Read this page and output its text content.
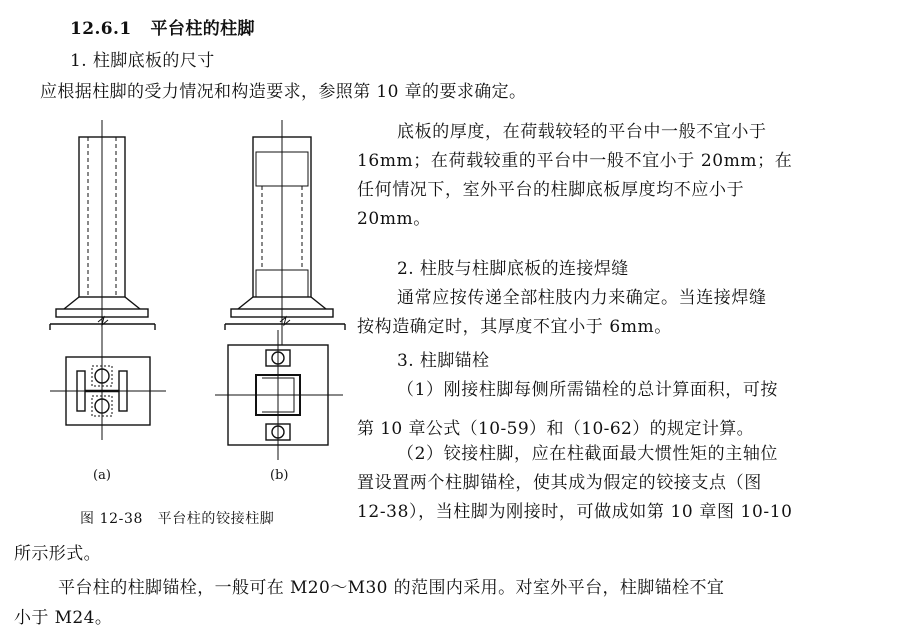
12.6.1 平台柱的柱脚

1. 柱脚底板的尺寸

应根据柱脚的受力情况和构造要求，参照第 10 章的要求确定。

底板的厚度，在荷载较轻的平台中一般不宜小于
16mm；在荷载较重的平台中一般不宜小于 20mm；在
任何情况下，室外平台的柱脚底板厚度均不应小于
20mm。

2. 柱肢与柱脚底板的连接焊缝

通常应按传递全部柱肢内力来确定。当连接焊缝
按构造确定时，其厚度不宜小于 6mm。

3. 柱脚锚栓

（1）刚接柱脚每侧所需锚栓的总计算面积，可按

第 10 章公式（10-59）和（10-62）的规定计算。

（2）铰接柱脚，应在柱截面最大惯性矩的主轴位
置设置两个柱脚锚栓，使其成为假定的铰接支点（图
12-38），当柱脚为刚接时，可做成如第 10 章图 10-10

所示形式。

平台柱的柱脚锚栓，一般可在 M20～M30 的范围内采用。对室外平台，柱脚锚栓不宜

小于 M24。

(a)	(b)

图 12-38　平台柱的铰接柱脚
